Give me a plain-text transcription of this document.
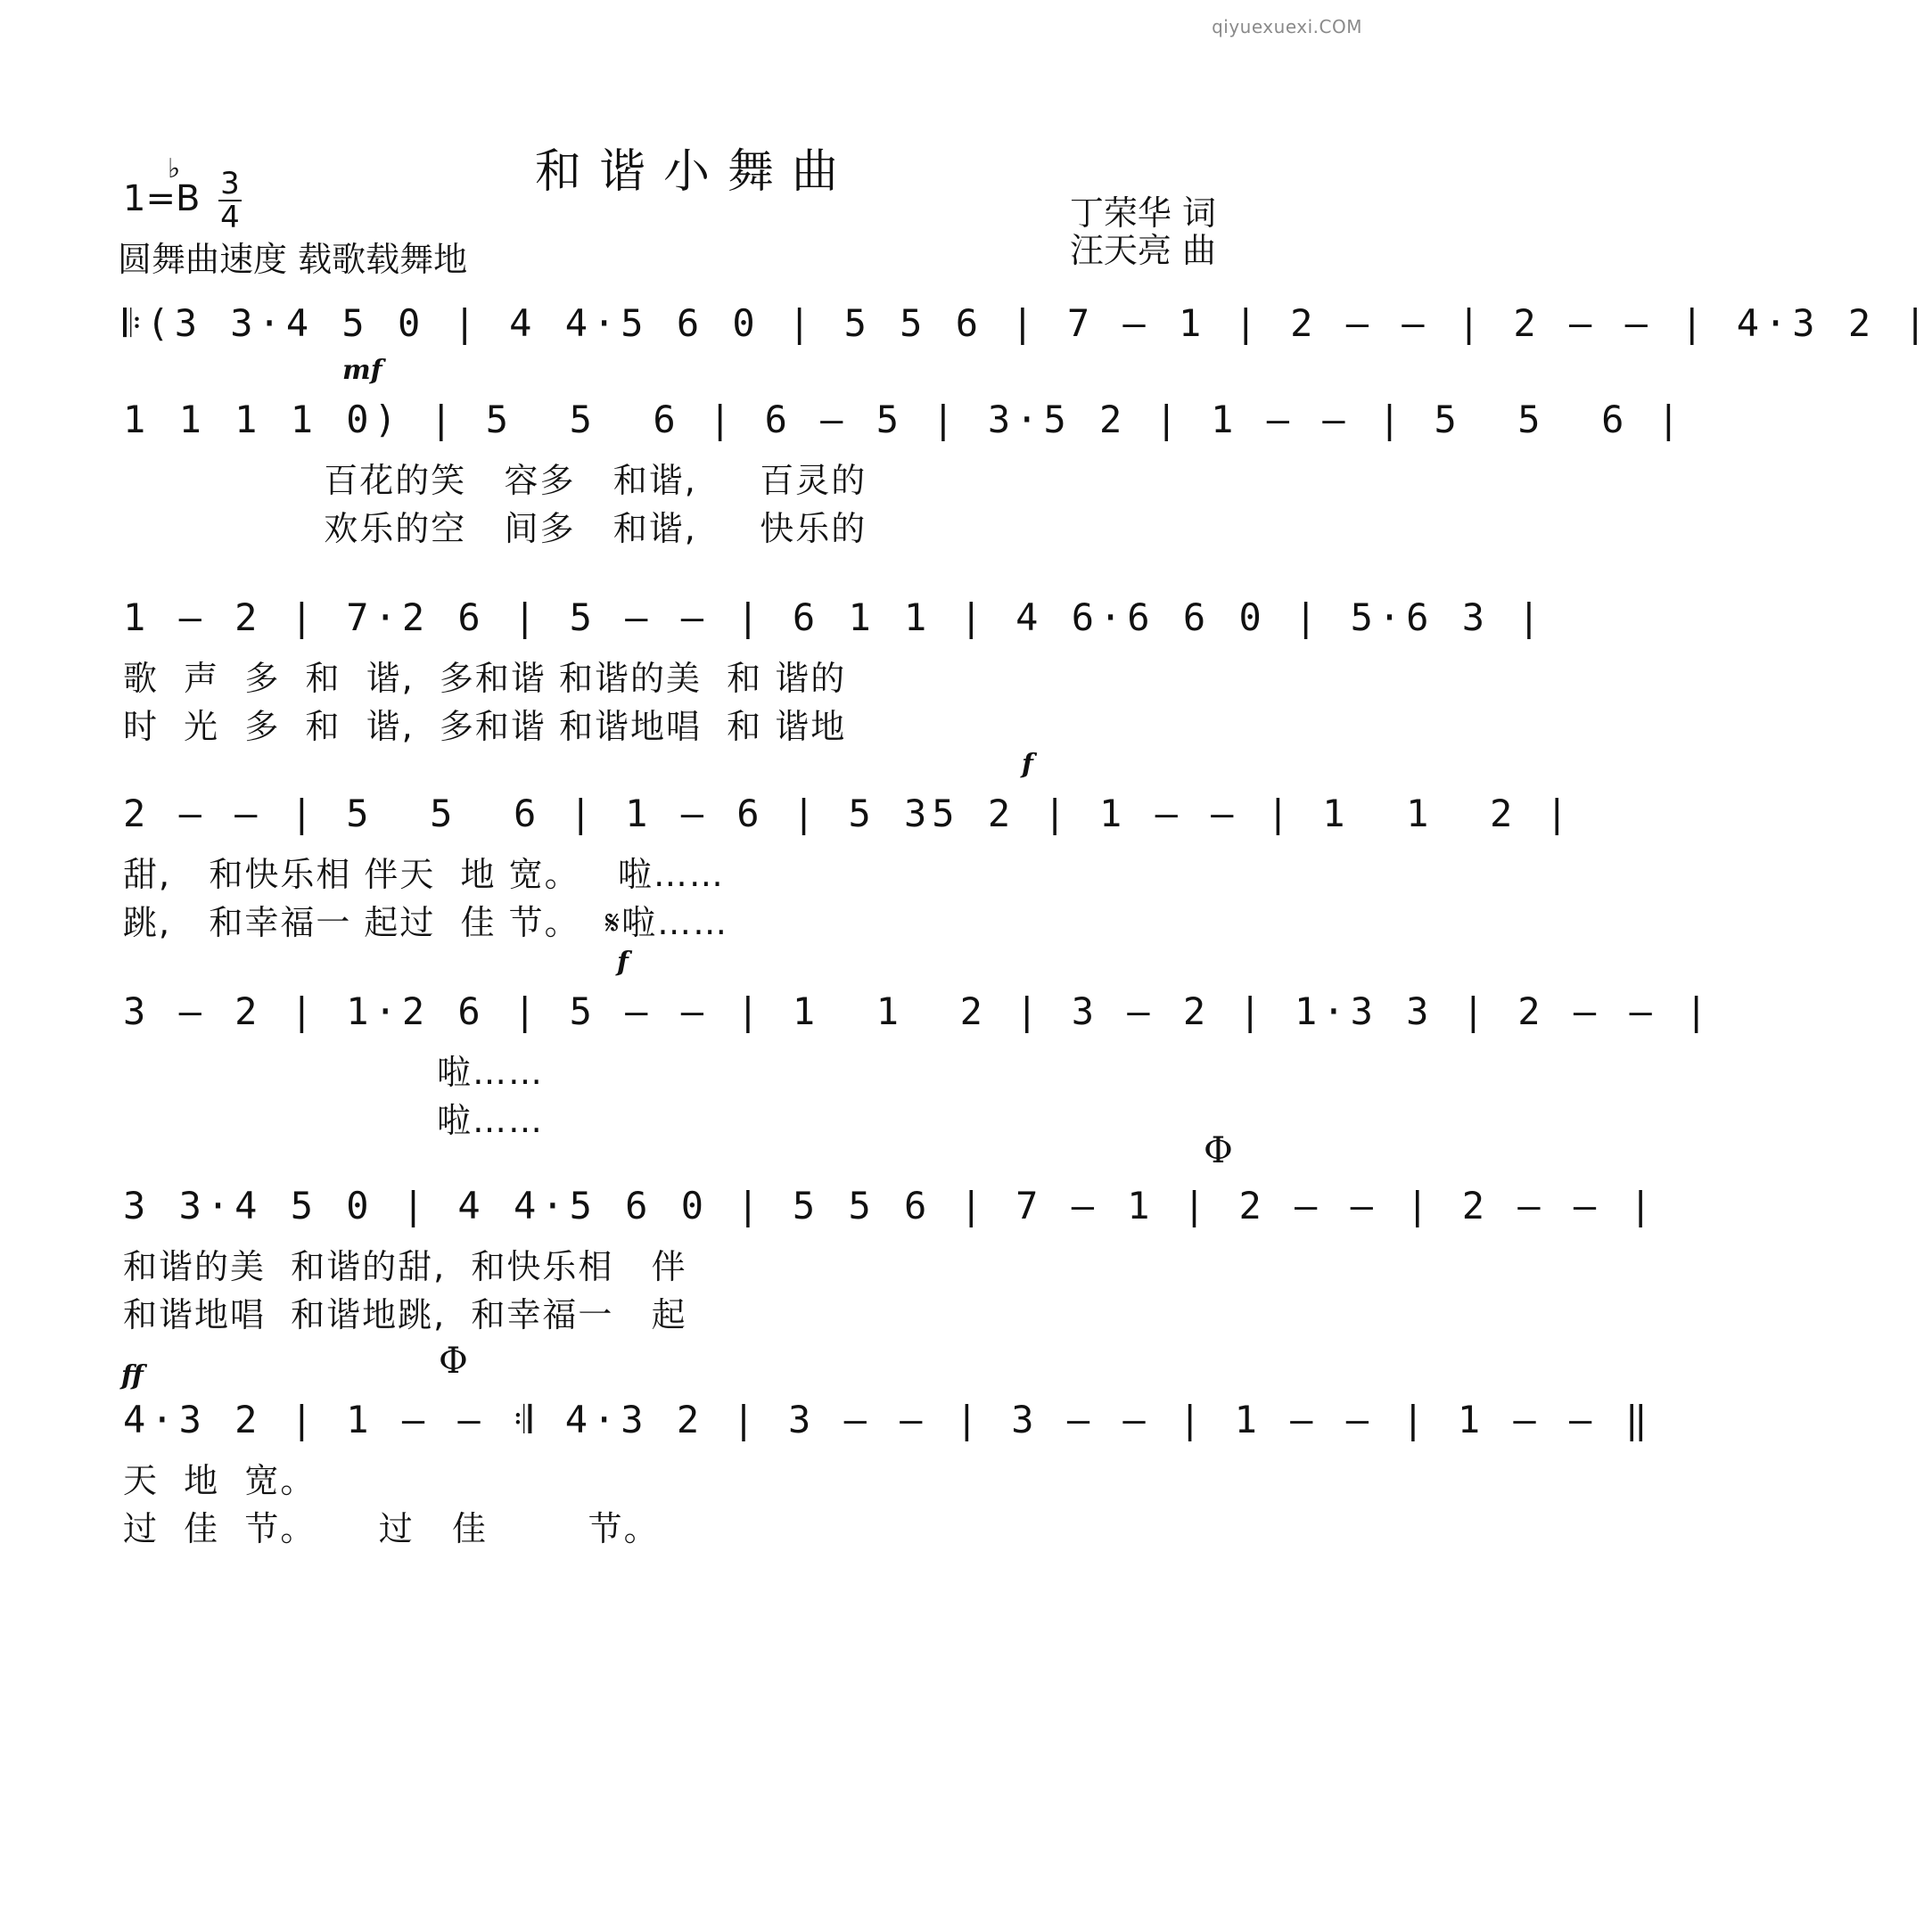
qiyuexuexi.COM
和谐小舞曲
1=B
♭ 3
4
圆舞曲速度 载歌载舞地
丁荣华 词
汪天亮 曲
𝄆(3 3·4 5 0 | 4 4·5 6 0 | 5 5 6 | 7 – 1 | 2 – – | 2 – – | 4·3 2 |
mf
1 1 1 1 0) | 5  5  6 | 6 – 5 | 3·5 2 | 1 – – | 5  5  6 |
百花的笑   容多   和谐,     百灵的
欢乐的空   间多   和谐,     快乐的
1 – 2 | 7·2 6 | 5 – – | 6 1 1 | 4 6·6 6 0 | 5·6 3 |
歌  声  多  和  谐,  多和谐 和谐的美  和 谐的
时  光  多  和  谐,  多和谐 和谐地唱  和 谐地
f
2 – – | 5  5  6 | 1 – 6 | 5 35 2 | 1 – – | 1  1  2 |
甜,   和快乐相 伴天  地 宽。   啦……
跳,   和幸福一 起过  佳 节。  𝄋啦……
f
3 – 2 | 1·2 6 | 5 – – | 1  1  2 | 3 – 2 | 1·3 3 | 2 – – |
啦……
啦……
Φ
3 3·4 5 0 | 4 4·5 6 0 | 5 5 6 | 7 – 1 | 2 – – | 2 – – |
和谐的美  和谐的甜,  和快乐相   伴
和谐地唱  和谐地跳,  和幸福一   起
ff	Φ
4·3 2 | 1 – – 𝄇 4·3 2 | 3 – – | 3 – – | 1 – – | 1 – – ‖
天  地  宽。
过  佳  节。     过   佳        节。
